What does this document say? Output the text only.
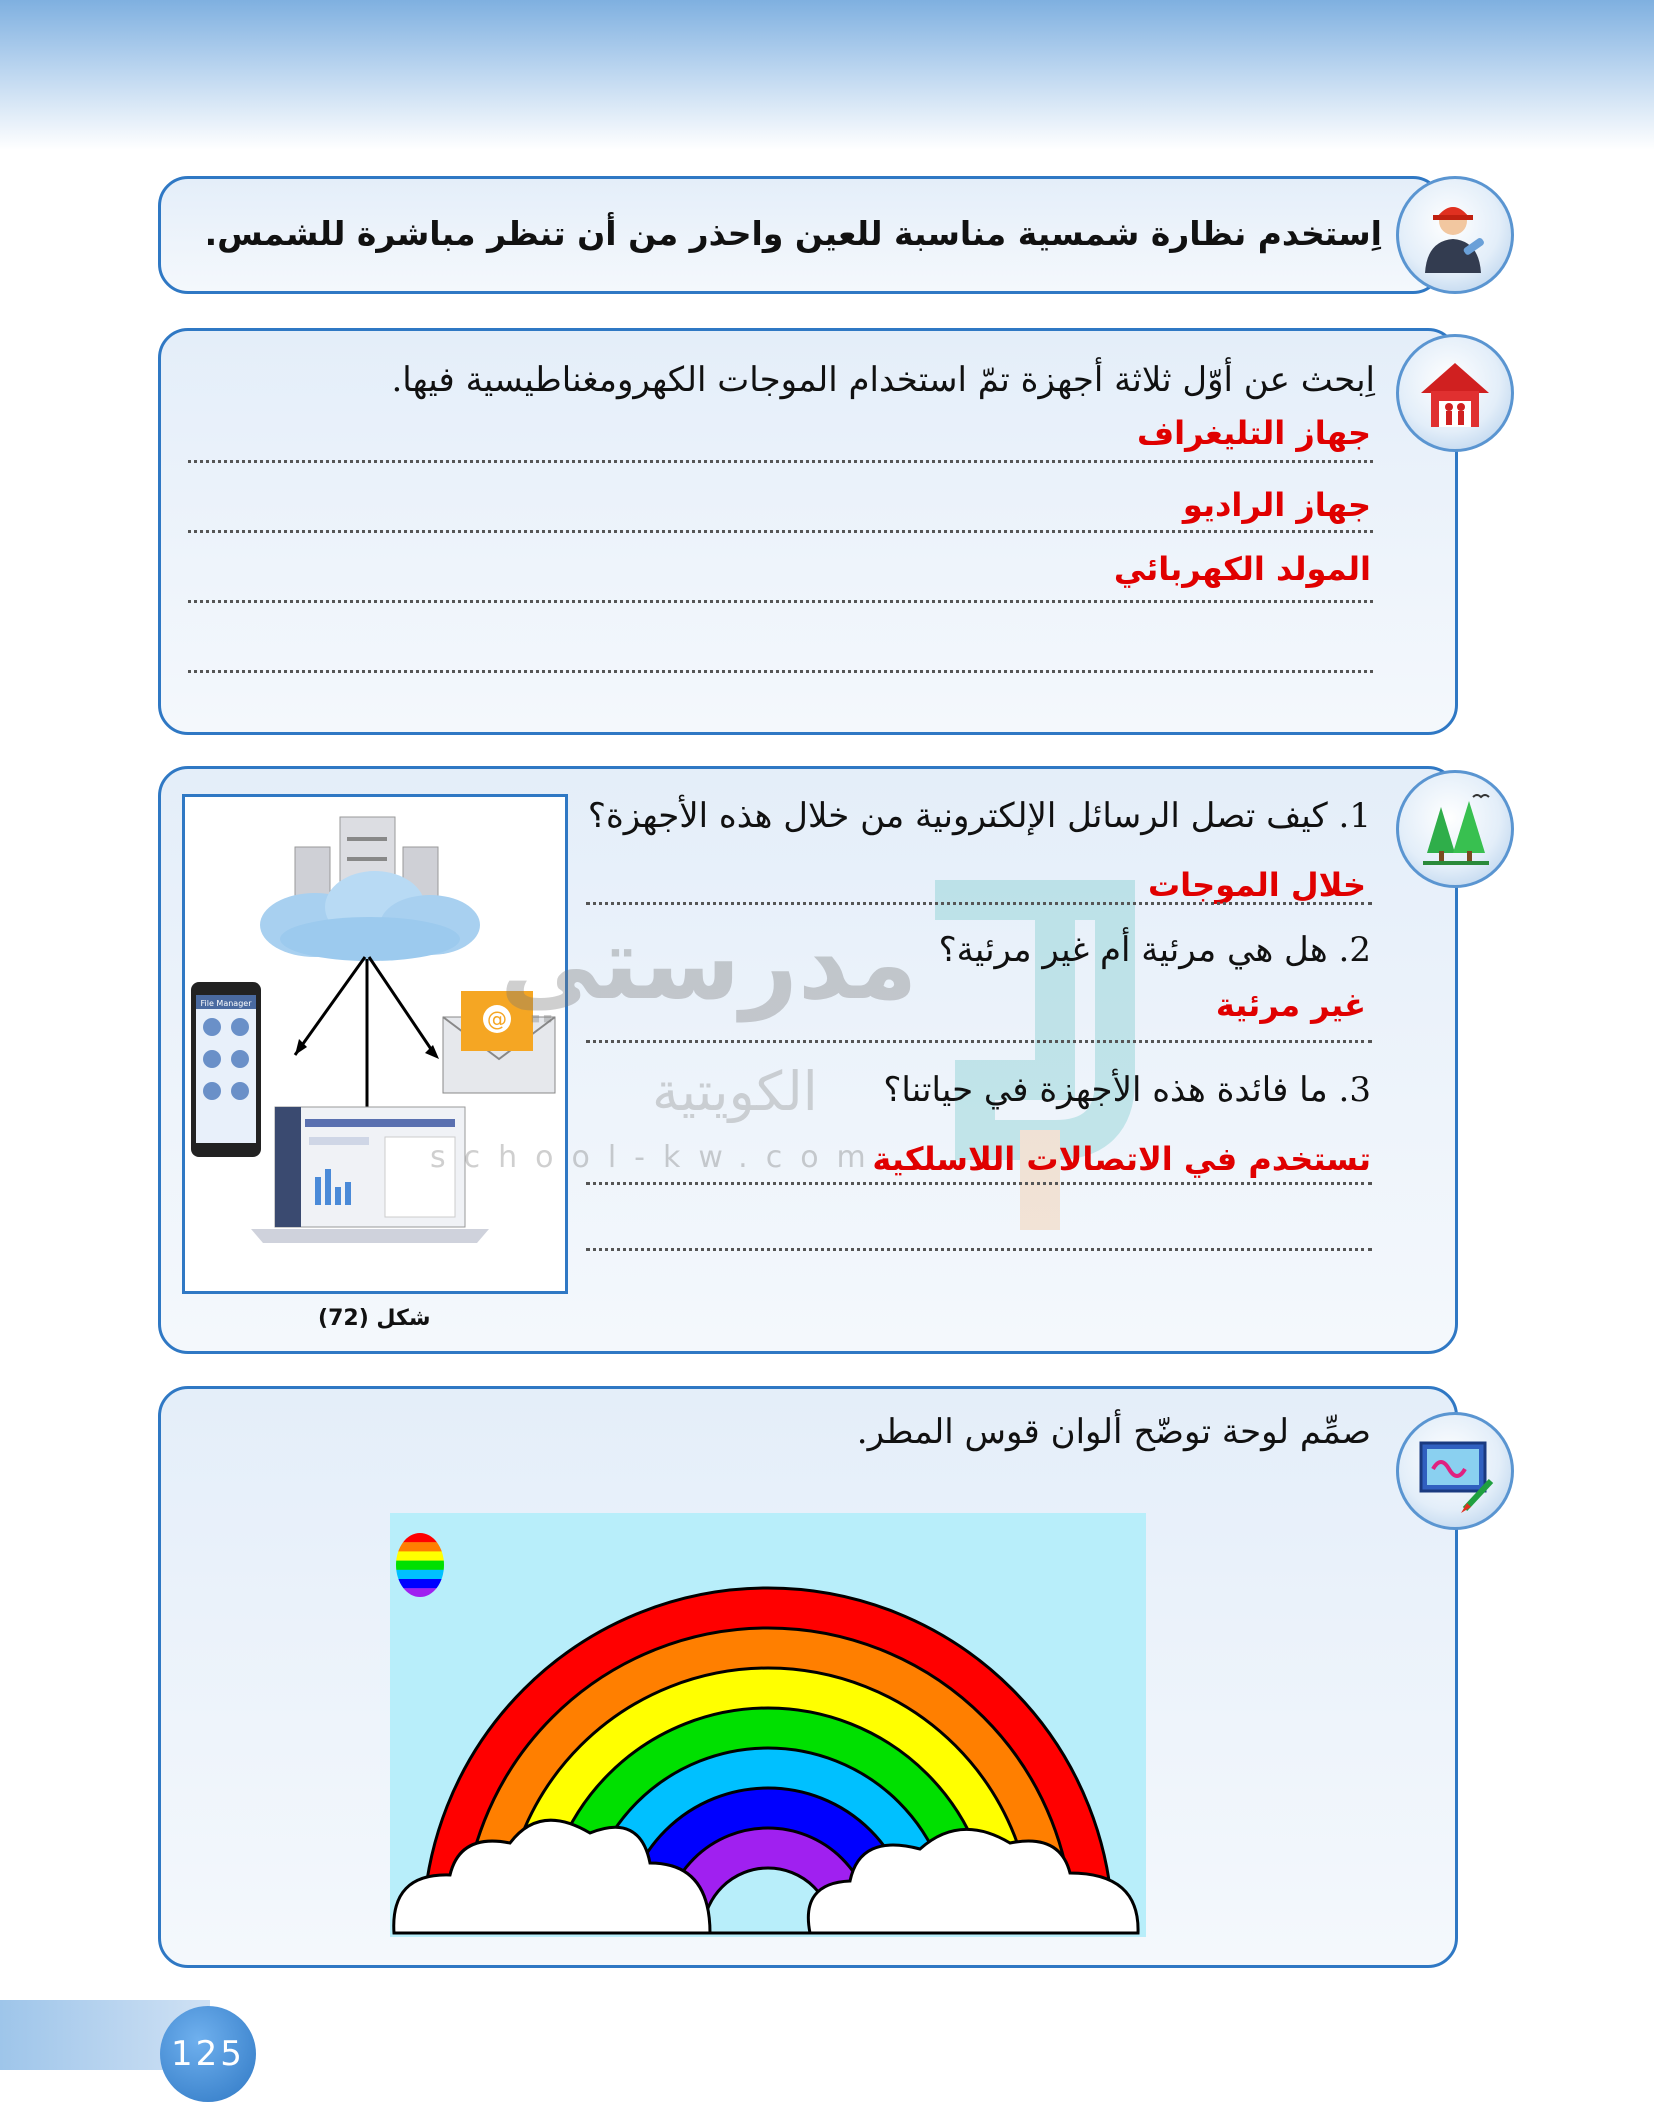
اِستخدم نظارة شمسية مناسبة للعين واحذر من أن تنظر مباشرة للشمس.
اِبحث عن أوّل ثلاثة أجهزة تمّ استخدام الموجات الكهرومغناطيسية فيها.
جهاز التليغراف
جهاز الراديو
المولد الكهربائي
File Manager
@
شكل (72)
مدرستي
الكويتية
school-kw.com
1. كيف تصل الرسائل الإلكترونية من خلال هذه الأجهزة؟
خلال الموجات
2. هل هي مرئية أم غير مرئية؟
غير مرئية
3. ما فائدة هذه الأجهزة في حياتنا؟
تستخدم في الاتصالات اللاسلكية
صمِّم لوحة توضّح ألوان قوس المطر.
125
